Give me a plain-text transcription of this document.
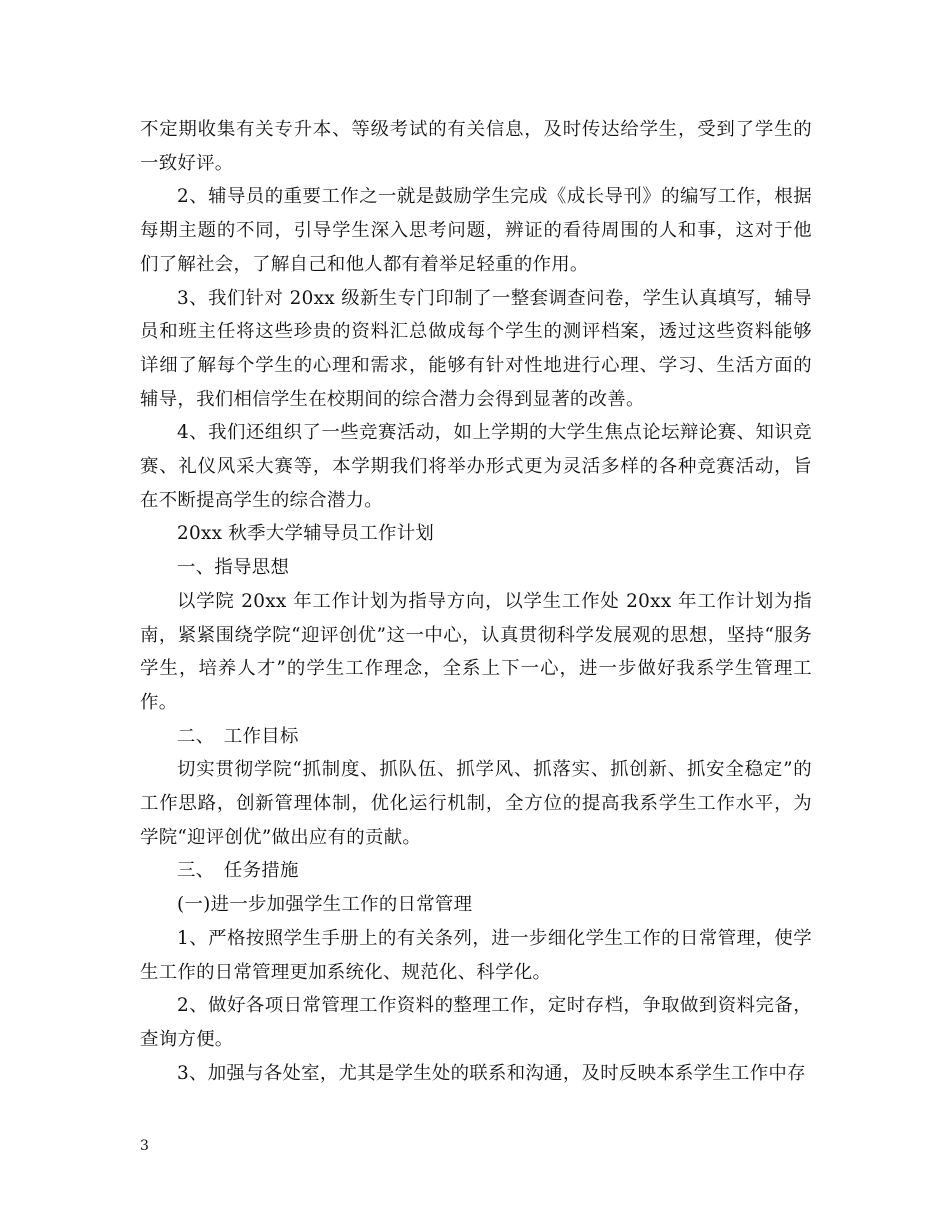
不定期收集有关专升本、等级考试的有关信息，及时传达给学生，受到了学生的一致好评。

2、辅导员的重要工作之一就是鼓励学生完成《成长导刊》的编写工作，根据每期主题的不同，引导学生深入思考问题，辨证的看待周围的人和事，这对于他们了解社会，了解自己和他人都有着举足轻重的作用。

3、我们针对 20xx 级新生专门印制了一整套调查问卷，学生认真填写，辅导员和班主任将这些珍贵的资料汇总做成每个学生的测评档案，透过这些资料能够详细了解每个学生的心理和需求，能够有针对性地进行心理、学习、生活方面的辅导，我们相信学生在校期间的综合潜力会得到显著的改善。

4、我们还组织了一些竞赛活动，如上学期的大学生焦点论坛辩论赛、知识竞赛、礼仪风采大赛等，本学期我们将举办形式更为灵活多样的各种竞赛活动，旨在不断提高学生的综合潜力。

20xx 秋季大学辅导员工作计划

一、指导思想

以学院 20xx 年工作计划为指导方向，以学生工作处 20xx 年工作计划为指南，紧紧围绕学院“迎评创优”这一中心，认真贯彻科学发展观的思想，坚持“服务学生，培养人才”的学生工作理念，全系上下一心，进一步做好我系学生管理工作。

二、　工作目标

切实贯彻学院“抓制度、抓队伍、抓学风、抓落实、抓创新、抓安全稳定”的工作思路，创新管理体制，优化运行机制，全方位的提高我系学生工作水平，为学院“迎评创优”做出应有的贡献。

三、　任务措施

(一)进一步加强学生工作的日常管理

1、严格按照学生手册上的有关条列，进一步细化学生工作的日常管理，使学生工作的日常管理更加系统化、规范化、科学化。

2、做好各项日常管理工作资料的整理工作，定时存档，争取做到资料完备，查询方便。

3、加强与各处室，尤其是学生处的联系和沟通，及时反映本系学生工作中存

3
